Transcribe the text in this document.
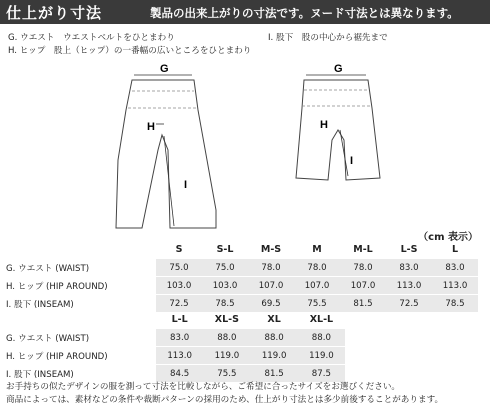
仕上がり寸法	製品の出来上がりの寸法です。ヌード寸法とは異なります。
G. ウエスト　ウエストベルトをひとまわり
H. ヒップ　股上（ヒップ）の一番幅の広いところをひとまわり
I. 股下　股の中心から裾先まで
G
H
I
G
H
I
（cm 表示）
	S	S-L	M-S	M	M-L	L-S	L
G. ウエスト (WAIST)	75.0	75.0	78.0	78.0	78.0	83.0	83.0
H. ヒップ (HIP AROUND)	103.0	103.0	107.0	107.0	107.0	113.0	113.0
I. 股下 (INSEAM)	72.5	78.5	69.5	75.5	81.5	72.5	78.5
	L-L	XL-S	XL	XL-L
G. ウエスト (WAIST)	83.0	88.0	88.0	88.0
H. ヒップ (HIP AROUND)	113.0	119.0	119.0	119.0
I. 股下 (INSEAM)	84.5	75.5	81.5	87.5
お手持ちの似たデザインの服を測って寸法を比較しながら、ご希望に合ったサイズをお選びください。
商品によっては、素材などの条件や裁断パターンの採用のため、仕上がり寸法とは多少前後することがあります。
